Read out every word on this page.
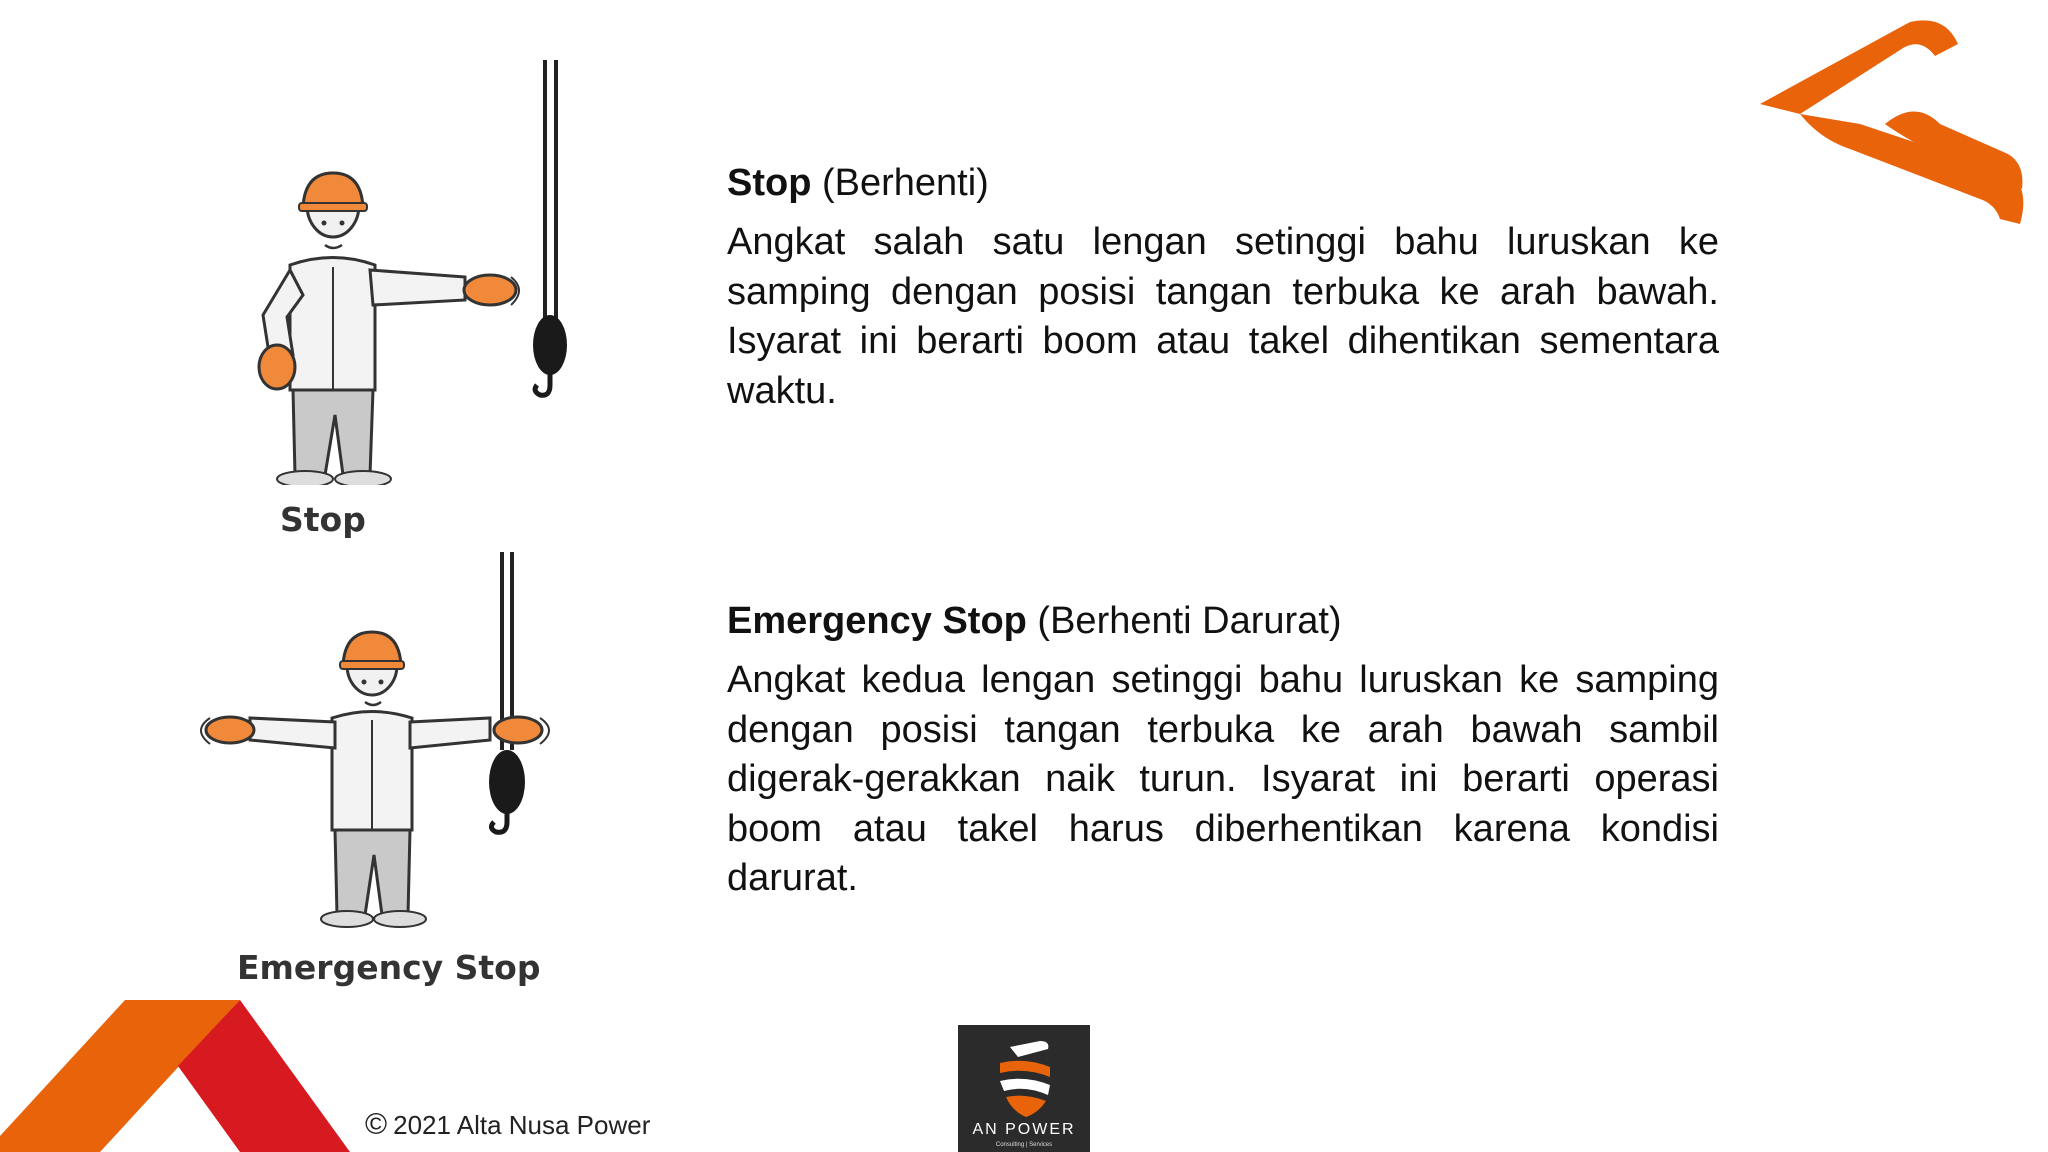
Stop
Emergency Stop
Stop (Berhenti)

Angkat salah satu lengan setinggi bahu luruskan ke samping dengan posisi tangan terbuka ke arah bawah. Isyarat ini berarti boom atau takel dihentikan sementara waktu.

Emergency Stop (Berhenti Darurat)

Angkat kedua lengan setinggi bahu luruskan ke samping dengan posisi tangan terbuka ke arah bawah sambil digerak-gerakkan naik turun. Isyarat ini berarti operasi boom atau takel harus diberhentikan karena kondisi darurat.

© 2021 Alta Nusa Power	AN POWER
Consulting | Services
